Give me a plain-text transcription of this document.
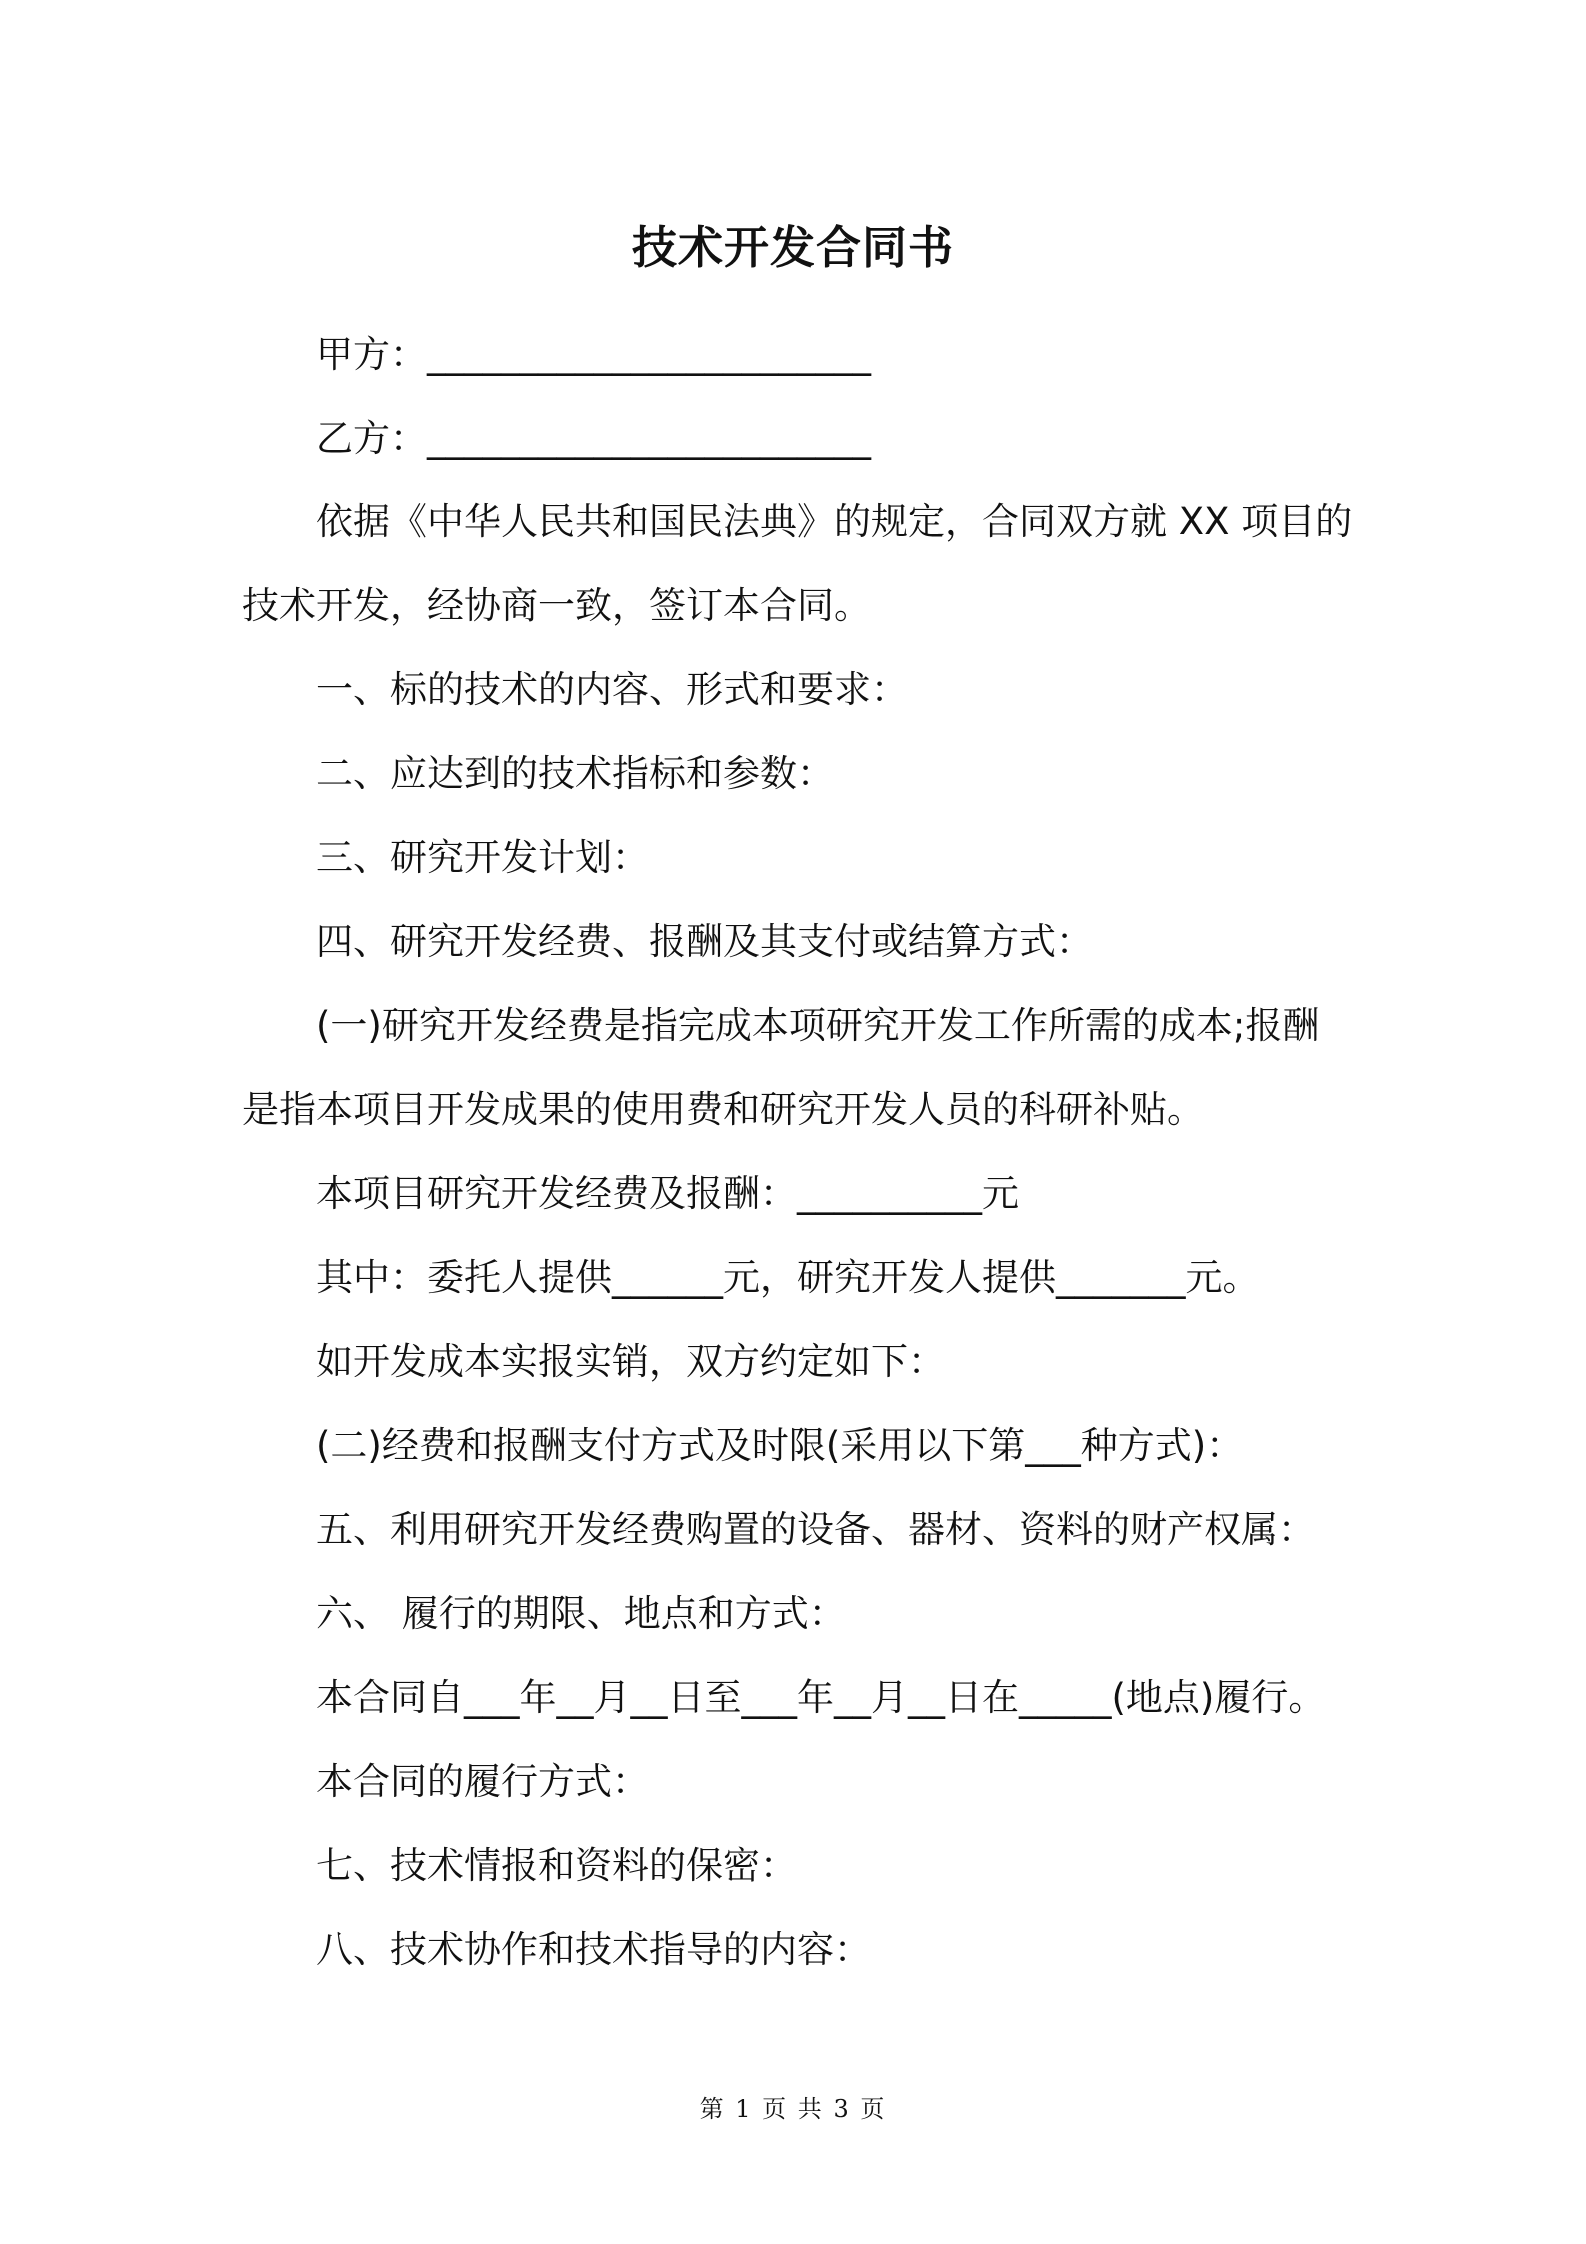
技术开发合同书
甲方：________________________
乙方：________________________
依据《中华人民共和国民法典》的规定，合同双方就 XX 项目的
技术开发，经协商一致，签订本合同。
一、标的技术的内容、形式和要求：
二、应达到的技术指标和参数：
三、研究开发计划：
四、研究开发经费、报酬及其支付或结算方式：
(一)研究开发经费是指完成本项研究开发工作所需的成本;报酬
是指本项目开发成果的使用费和研究开发人员的科研补贴。
本项目研究开发经费及报酬：__________元
其中：委托人提供______元，研究开发人提供_______元。
如开发成本实报实销，双方约定如下：
(二)经费和报酬支付方式及时限(采用以下第___种方式)：
五、利用研究开发经费购置的设备、器材、资料的财产权属：
六、 履行的期限、地点和方式：
本合同自___年__月__日至___年__月__日在_____(地点)履行。
本合同的履行方式：
七、技术情报和资料的保密：
八、技术协作和技术指导的内容：
第 1 页 共 3 页
